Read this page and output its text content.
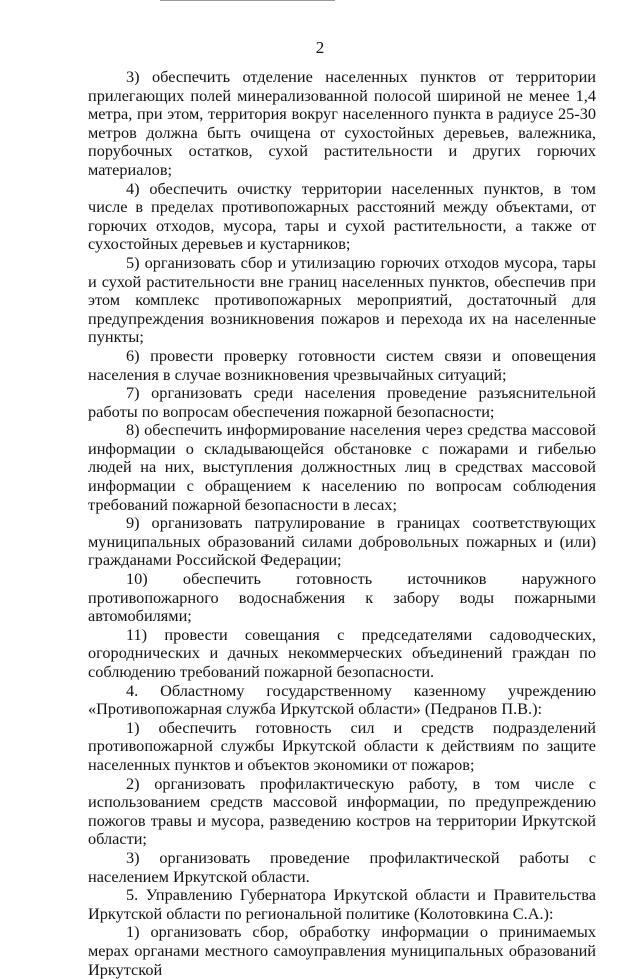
2

3) обеспечить отделение населенных пунктов от территории прилегающих полей минерализованной полосой шириной не менее 1,4 метра, при этом, территория вокруг населенного пункта в радиусе 25-30 метров должна быть очищена от сухостойных деревьев, валежника, порубочных остатков, сухой растительности и других горючих материалов;

4) обеспечить очистку территории населенных пунктов, в том числе в пределах противопожарных расстояний между объектами, от горючих отходов, мусора, тары и сухой растительности, а также от сухостойных деревьев и кустарников;

5) организовать сбор и утилизацию горючих отходов мусора, тары и сухой растительности вне границ населенных пунктов, обеспечив при этом комплекс противопожарных мероприятий, достаточный для предупреждения возникновения пожаров и перехода их на населенные пункты;

6) провести проверку готовности систем связи и оповещения населения в случае возникновения чрезвычайных ситуаций;

7) организовать среди населения проведение разъяснительной работы по вопросам обеспечения пожарной безопасности;

8) обеспечить информирование населения через средства массовой информации о складывающейся обстановке с пожарами и гибелью людей на них, выступления должностных лиц в средствах массовой информации с обращением к населению по вопросам соблюдения требований пожарной безопасности в лесах;

9) организовать патрулирование в границах соответствующих муниципальных образований силами добровольных пожарных и (или) гражданами Российской Федерации;

10) обеспечить готовность источников наружного противопожарного водоснабжения к забору воды пожарными автомобилями;

11) провести совещания с председателями садоводческих, огороднических и дачных некоммерческих объединений граждан по соблюдению требований пожарной безопасности.

4. Областному государственному казенному учреждению «Противопожарная служба Иркутской области» (Педранов П.В.):

1) обеспечить готовность сил и средств подразделений противопожарной службы Иркутской области к действиям по защите населенных пунктов и объектов экономики от пожаров;

2) организовать профилактическую работу, в том числе с использованием средств массовой информации, по предупреждению пожогов травы и мусора, разведению костров на территории Иркутской области;

3) организовать проведение профилактической работы с населением Иркутской области.

5. Управлению Губернатора Иркутской области и Правительства Иркутской области по региональной политике (Колотовкина С.А.):

1) организовать сбор, обработку информации о принимаемых мерах органами местного самоуправления муниципальных образований Иркутской
